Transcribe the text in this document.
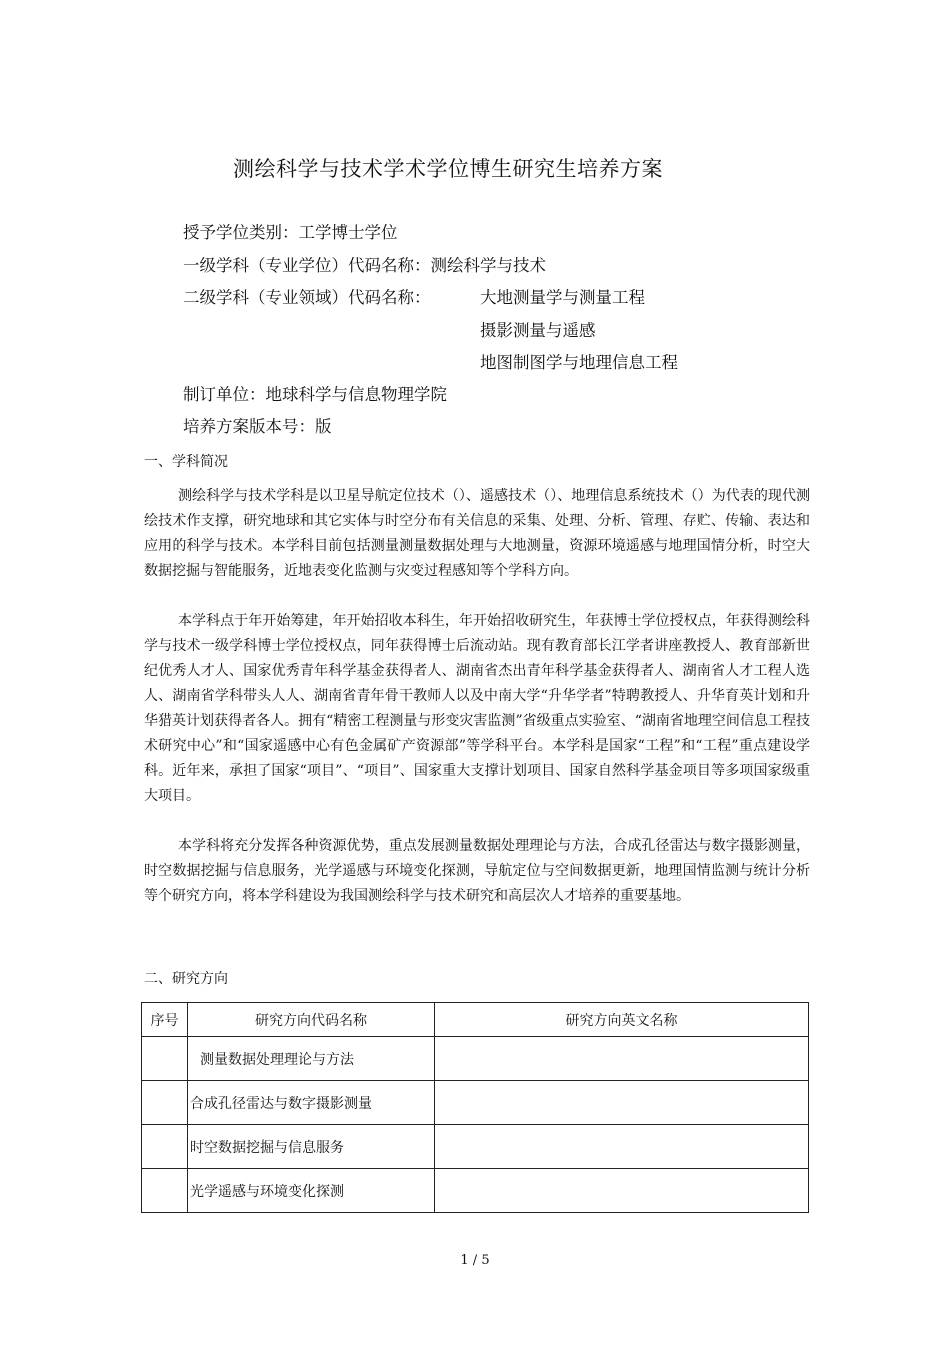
测绘科学与技术学术学位博生研究生培养方案
授予学位类别：工学博士学位
一级学科（专业学位）代码名称：测绘科学与技术
二级学科（专业领域）代码名称：	大地测量学与测量工程
摄影测量与遥感
地图制图学与地理信息工程
制订单位：地球科学与信息物理学院
培养方案版本号：版
一、学科简况

测绘科学与技术学科是以卫星导航定位技术（）、遥感技术（）、地理信息系统技术（）为代表的现代测绘技术作支撑，研究地球和其它实体与时空分布有关信息的采集、处理、分析、管理、存贮、传输、表达和应用的科学与技术。本学科目前包括测量测量数据处理与大地测量，资源环境遥感与地理国情分析，时空大数据挖掘与智能服务，近地表变化监测与灾变过程感知等个学科方向。

本学科点于年开始筹建，年开始招收本科生，年开始招收研究生，年获博士学位授权点，年获得测绘科学与技术一级学科博士学位授权点，同年获得博士后流动站。现有教育部长江学者讲座教授人、教育部新世纪优秀人才人、国家优秀青年科学基金获得者人、湖南省杰出青年科学基金获得者人、湖南省人才工程人选人、湖南省学科带头人人、湖南省青年骨干教师人以及中南大学“升华学者”特聘教授人、升华育英计划和升华猎英计划获得者各人。拥有“精密工程测量与形变灾害监测”省级重点实验室、“湖南省地理空间信息工程技术研究中心”和“国家遥感中心有色金属矿产资源部”等学科平台。本学科是国家“工程”和“工程”重点建设学科。近年来，承担了国家“项目”、“项目”、国家重大支撑计划项目、国家自然科学基金项目等多项国家级重大项目。

本学科将充分发挥各种资源优势，重点发展测量数据处理理论与方法，合成孔径雷达与数字摄影测量，时空数据挖掘与信息服务，光学遥感与环境变化探测，导航定位与空间数据更新，地理国情监测与统计分析等个研究方向，将本学科建设为我国测绘科学与技术研究和高层次人才培养的重要基地。

二、研究方向
序号	研究方向代码名称	研究方向英文名称
	测量数据处理理论与方法	
	合成孔径雷达与数字摄影测量	
	时空数据挖掘与信息服务	
	光学遥感与环境变化探测	
1 / 5
